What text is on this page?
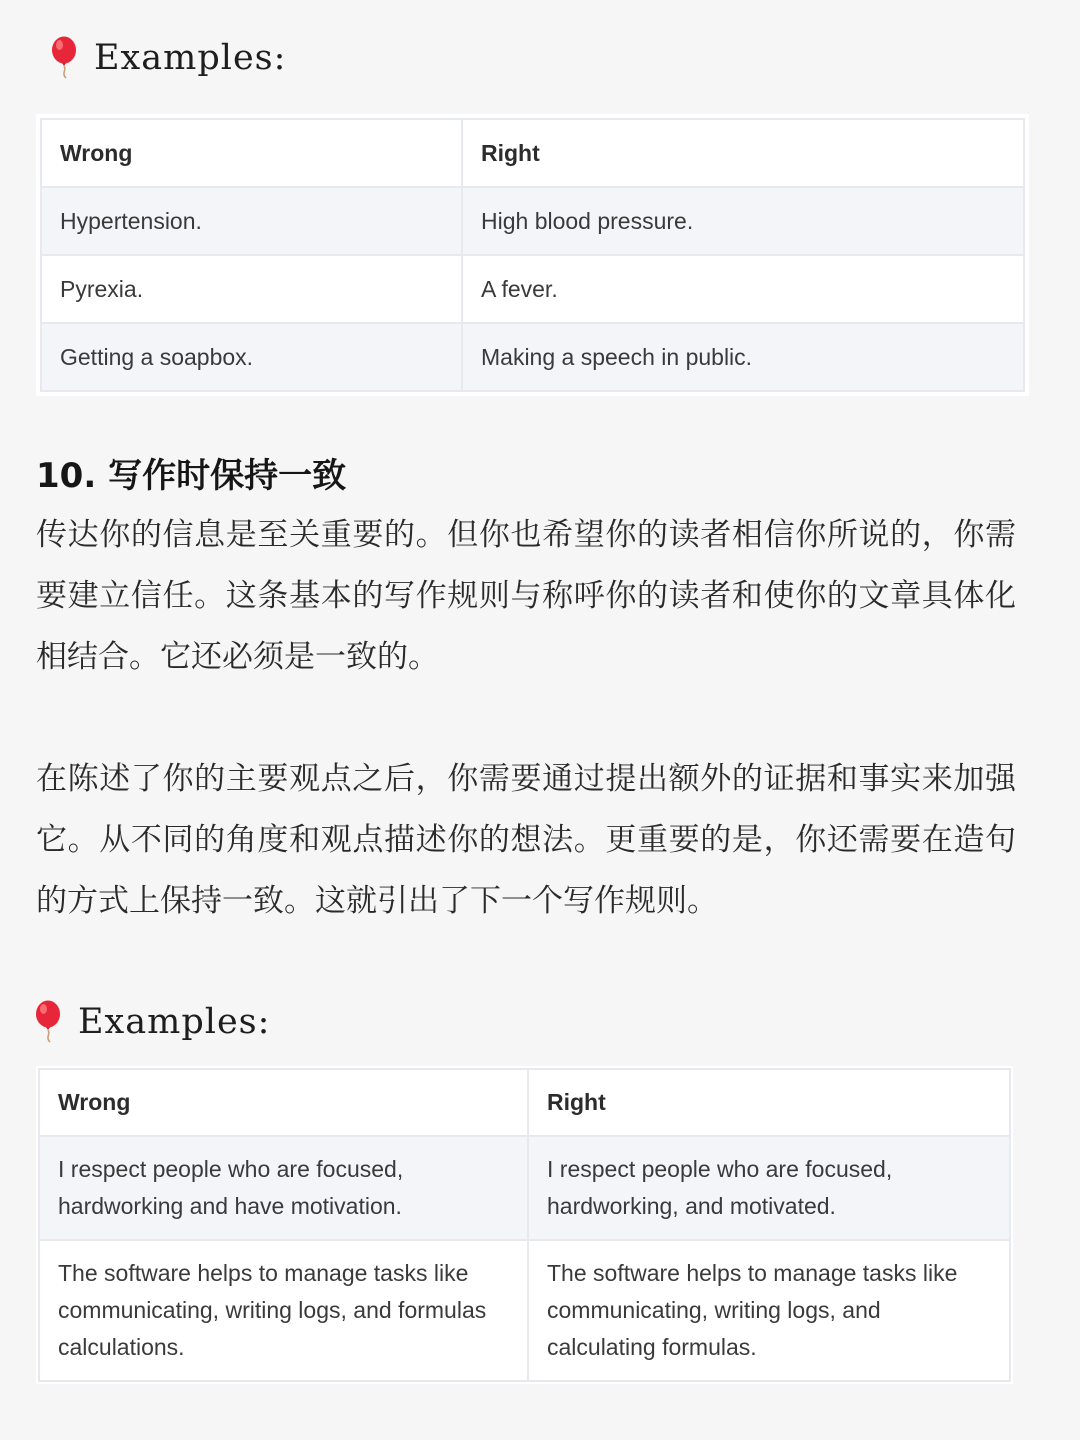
Examples:
Wrong	Right
Hypertension.	High blood pressure.
Pyrexia.	A fever.
Getting a soapbox.	Making a speech in public.
10. 写作时保持一致

传达你的信息是至关重要的。但你也希望你的读者相信你所说的，你需要建立信任。这条基本的写作规则与称呼你的读者和使你的文章具体化相结合。它还必须是一致的。

在陈述了你的主要观点之后，你需要通过提出额外的证据和事实来加强它。从不同的角度和观点描述你的想法。更重要的是，你还需要在造句的方式上保持一致。这就引出了下一个写作规则。

Examples:
Wrong	Right
I respect people who are focused, hardworking and have motivation.	I respect people who are focused, hardworking, and motivated.
The software helps to manage tasks like communicating, writing logs, and formulas calculations.	The software helps to manage tasks like communicating, writing logs, and calculating formulas.
